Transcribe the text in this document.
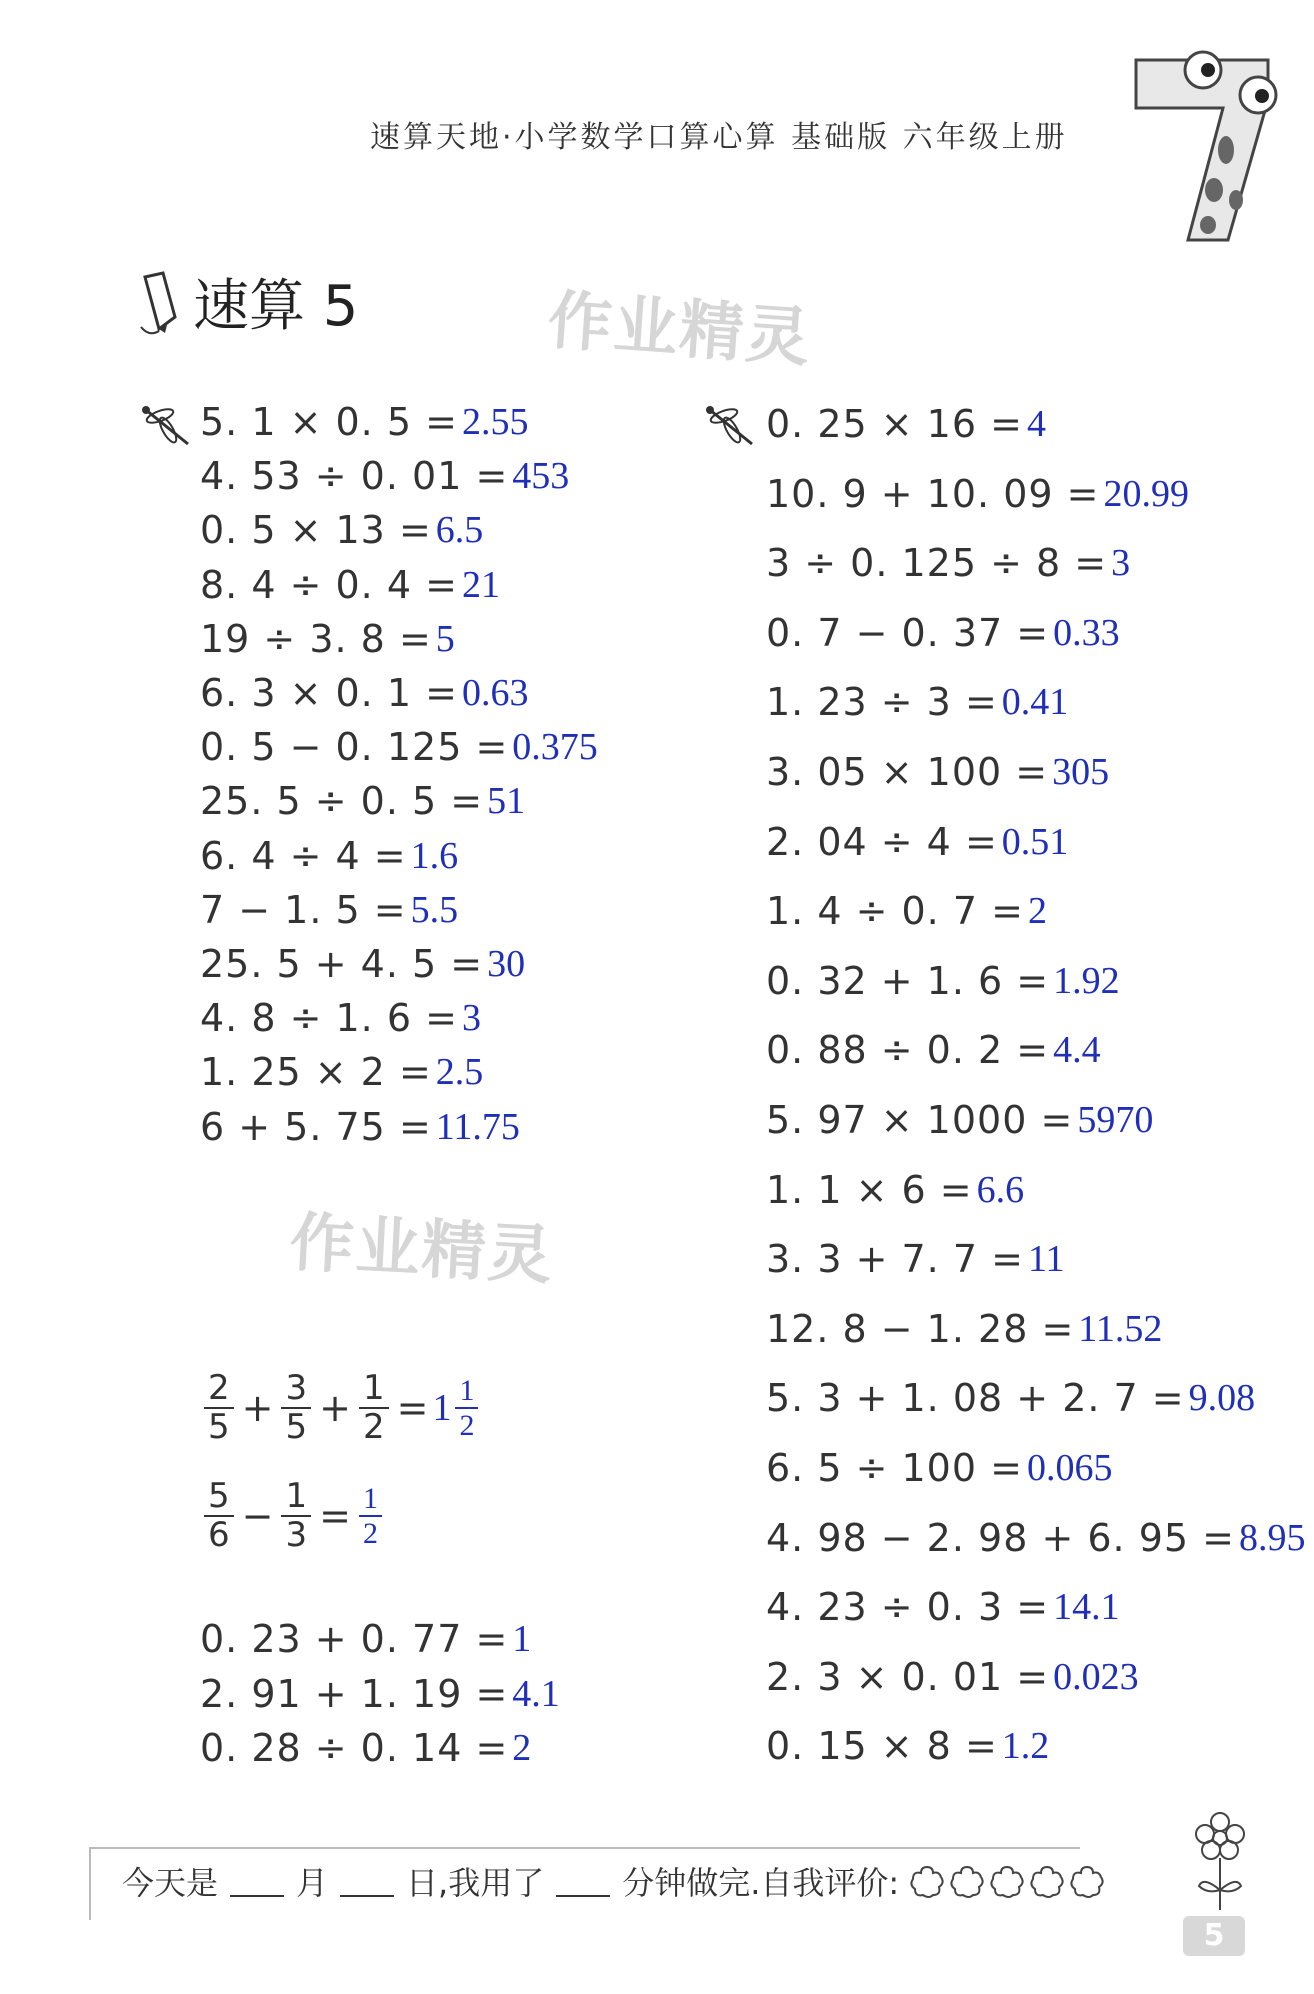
速算天地·小学数学口算心算 基础版 六年级上册
速算 5	作业精灵
作业精灵
5. 1 × 0. 5 = 2.55
4. 53 ÷ 0. 01 = 453
0. 5 × 13 = 6.5
8. 4 ÷ 0. 4 = 21
19 ÷ 3. 8 = 5
6. 3 × 0. 1 = 0.63
0. 5 − 0. 125 = 0.375
25. 5 ÷ 0. 5 = 51
6. 4 ÷ 4 = 1.6
7 − 1. 5 = 5.5
25. 5 + 4. 5 = 30
4. 8 ÷ 1. 6 = 3
1. 25 × 2 = 2.5
6 + 5. 75 = 11.75
$\frac{2}{5} + \frac{3}{5} + \frac{1}{2} = 1 \frac{1}{2}$
$\frac{5}{6} - \frac{1}{3} = \frac{1}{2}$
0. 23 + 0. 77 = 1
2. 91 + 1. 19 = 4.1
0. 28 ÷ 0. 14 = 2
0. 25 × 16 = 4
10. 9 + 10. 09 = 20.99
3 ÷ 0. 125 ÷ 8 = 3
0. 7 − 0. 37 = 0.33
1. 23 ÷ 3 = 0.41
3. 05 × 100 = 305
2. 04 ÷ 4 = 0.51
1. 4 ÷ 0. 7 = 2
0. 32 + 1. 6 = 1.92
0. 88 ÷ 0. 2 = 4.4
5. 97 × 1000 = 5970
1. 1 × 6 = 6.6
3. 3 + 7. 7 = 11
12. 8 − 1. 28 = 11.52
5. 3 + 1. 08 + 2. 7 = 9.08
6. 5 ÷ 100 = 0.065
4. 98 − 2. 98 + 6. 95 = 8.95
4. 23 ÷ 0. 3 = 14.1
2. 3 × 0. 01 = 0.023
0. 15 × 8 = 1.2
今天是 月 日,我用了 分钟做完.自我评价:
5
